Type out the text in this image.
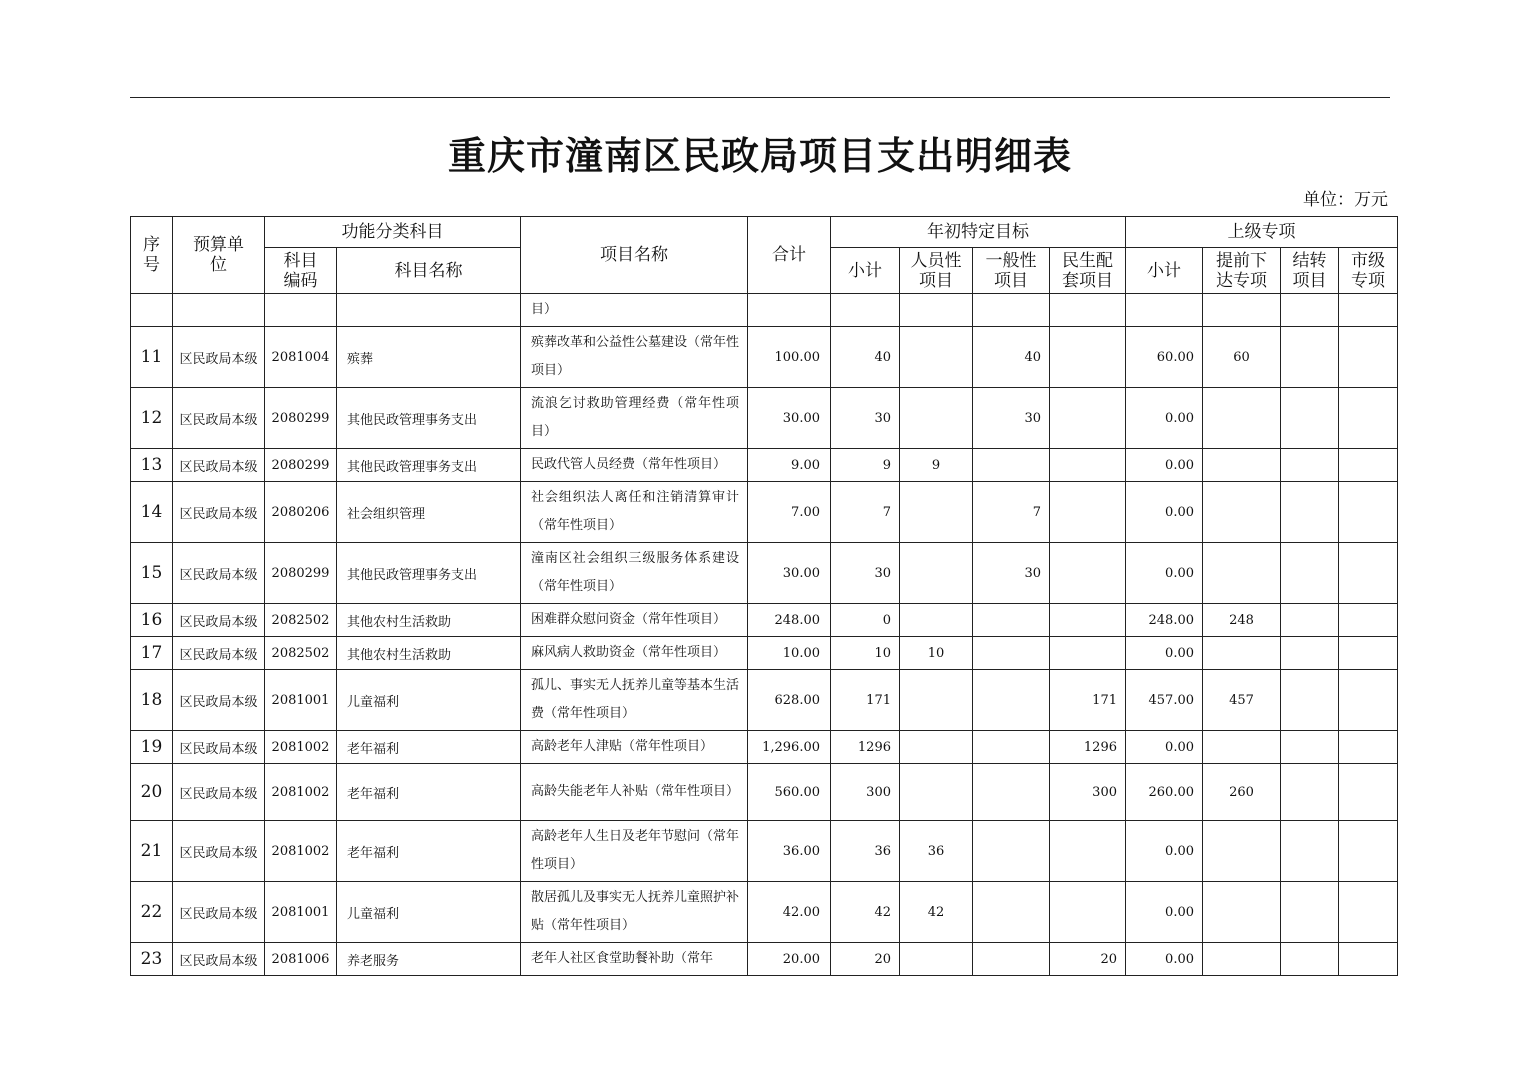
重庆市潼南区民政局项目支出明细表
单位：万元
序号	预算单位	功能分类科目		项目名称	合计	年初特定目标				上级专项			

		科目编码	科目名称			小计	人员性项目	一般性项目	民生配套项目	小计	提前下达专项	结转项目	市级专项

				目）									
11	区民政局本级	2081004	殡葬	殡葬改革和公益性公墓建设（常年性项目）	100.00	40		40		60.00	60		
12	区民政局本级	2080299	其他民政管理事务支出	流浪乞讨救助管理经费（常年性项目）	30.00	30		30		0.00			
13	区民政局本级	2080299	其他民政管理事务支出	民政代管人员经费（常年性项目）	9.00	9	9			0.00			
14	区民政局本级	2080206	社会组织管理	社会组织法人离任和注销清算审计（常年性项目）	7.00	7		7		0.00			
15	区民政局本级	2080299	其他民政管理事务支出	潼南区社会组织三级服务体系建设（常年性项目）	30.00	30		30		0.00			
16	区民政局本级	2082502	其他农村生活救助	困难群众慰问资金（常年性项目）	248.00	0				248.00	248		
17	区民政局本级	2082502	其他农村生活救助	麻风病人救助资金（常年性项目）	10.00	10	10			0.00			
18	区民政局本级	2081001	儿童福利	孤儿、事实无人抚养儿童等基本生活费（常年性项目）	628.00	171			171	457.00	457		
19	区民政局本级	2081002	老年福利	高龄老年人津贴（常年性项目）	1,296.00	1296			1296	0.00			
20	区民政局本级	2081002	老年福利	高龄失能老年人补贴（常年性项目）	560.00	300			300	260.00	260		
21	区民政局本级	2081002	老年福利	高龄老年人生日及老年节慰问（常年性项目）	36.00	36	36			0.00			
22	区民政局本级	2081001	儿童福利	散居孤儿及事实无人抚养儿童照护补贴（常年性项目）	42.00	42	42			0.00			
23	区民政局本级	2081006	养老服务	老年人社区食堂助餐补助（常年	20.00	20			20	0.00			
